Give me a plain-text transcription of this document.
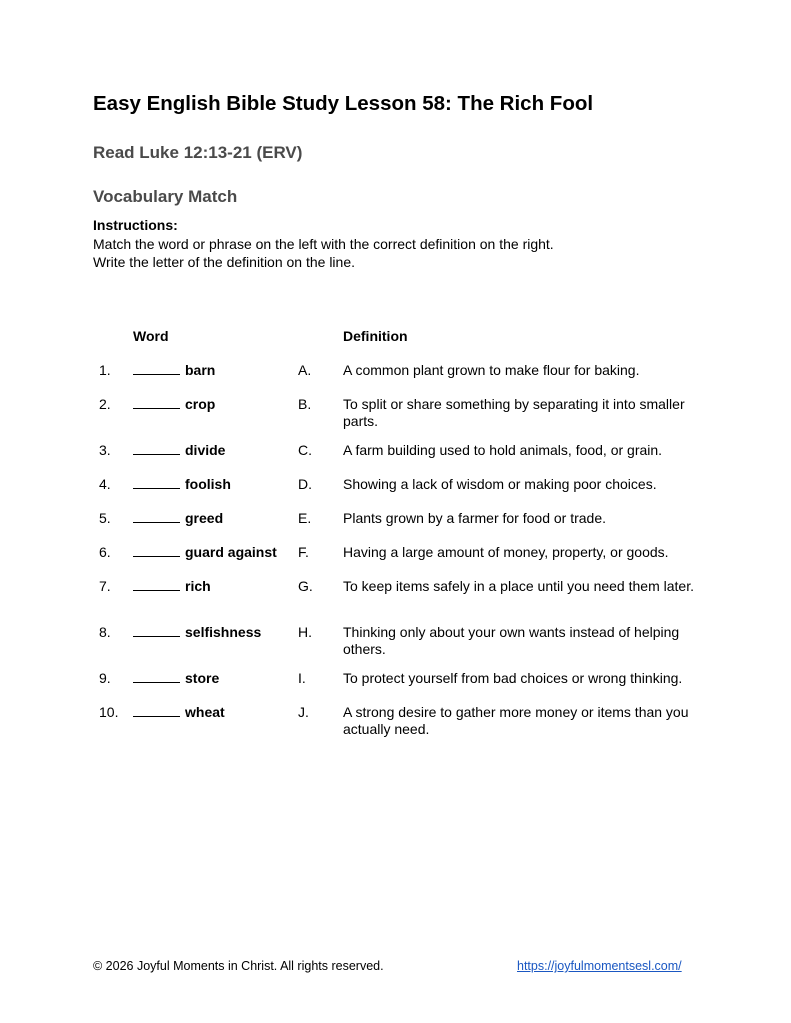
Easy English Bible Study Lesson 58: The Rich Fool
Read Luke 12:13-21 (ERV)
Vocabulary Match
Instructions:
Match the word or phrase on the left with the correct definition on the right.
Write the letter of the definition on the line.
Word	Definition
1.	barn	A. A common plant grown to make flour for baking.
2.	crop	B. To split or share something by separating it into smaller parts.
3.	divide	C. A farm building used to hold animals, food, or grain.
4.	foolish	D. Showing a lack of wisdom or making poor choices.
5.	greed	E. Plants grown by a farmer for food or trade.
6.	guard against F. Having a large amount of money, property, or goods.
7.	rich	G. To keep items safely in a place until you need them later.
8.	selfishness	H. Thinking only about your own wants instead of helping others.
9.	store	I.	To protect yourself from bad choices or wrong thinking.
10.	wheat	J. A strong desire to gather more money or items than you actually need.
© 2026 Joyful Moments in Christ. All rights reserved.	https://joyfulmomentsesl.com/
